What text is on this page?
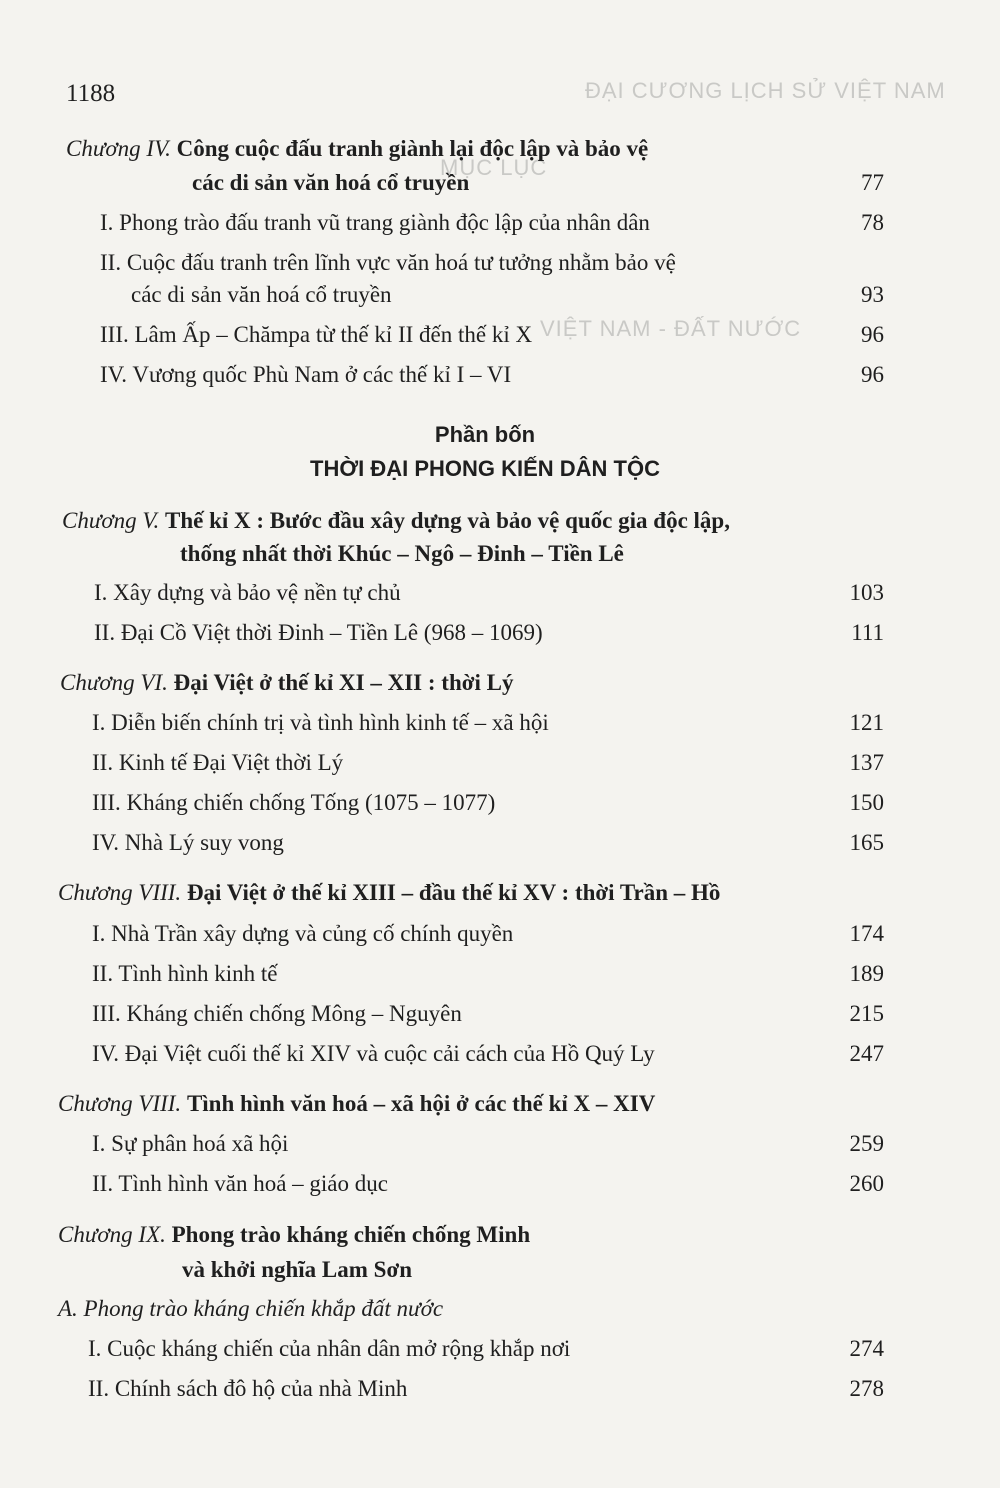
ĐẠI CƯƠNG LỊCH SỬ VIỆT NAM
MỤC LỤC
VIỆT NAM - ĐẤT NƯỚC
1188
Chương IV. Công cuộc đấu tranh giành lại độc lập và bảo vệ
các di sản văn hoá cổ truyền	77
I. Phong trào đấu tranh vũ trang giành độc lập của nhân dân	78
II. Cuộc đấu tranh trên lĩnh vực văn hoá tư tưởng nhằm bảo vệ
các di sản văn hoá cổ truyền	93
III. Lâm Ấp – Chămpa từ thế kỉ II đến thế kỉ X	96
IV. Vương quốc Phù Nam ở các thế kỉ I – VI	96
Phần bốn
THỜI ĐẠI PHONG KIẾN DÂN TỘC
Chương V. Thế kỉ X : Bước đầu xây dựng và bảo vệ quốc gia độc lập,
thống nhất thời Khúc – Ngô – Đinh – Tiền Lê
I. Xây dựng và bảo vệ nền tự chủ	103
II. Đại Cồ Việt thời Đinh – Tiền Lê (968 – 1069)	111
Chương VI. Đại Việt ở thế kỉ XI – XII : thời Lý
I. Diễn biến chính trị và tình hình kinh tế – xã hội	121
II. Kinh tế Đại Việt thời Lý	137
III. Kháng chiến chống Tống (1075 – 1077)	150
IV. Nhà Lý suy vong	165
Chương VIII. Đại Việt ở thế kỉ XIII – đầu thế kỉ XV : thời Trần – Hồ
I. Nhà Trần xây dựng và củng cố chính quyền	174
II. Tình hình kinh tế	189
III. Kháng chiến chống Mông – Nguyên	215
IV. Đại Việt cuối thế kỉ XIV và cuộc cải cách của Hồ Quý Ly	247
Chương VIII. Tình hình văn hoá – xã hội ở các thế kỉ X – XIV
I. Sự phân hoá xã hội	259
II. Tình hình văn hoá – giáo dục	260
Chương IX. Phong trào kháng chiến chống Minh
và khởi nghĩa Lam Sơn
A. Phong trào kháng chiến khắp đất nước
I. Cuộc kháng chiến của nhân dân mở rộng khắp nơi	274
II. Chính sách đô hộ của nhà Minh	278
